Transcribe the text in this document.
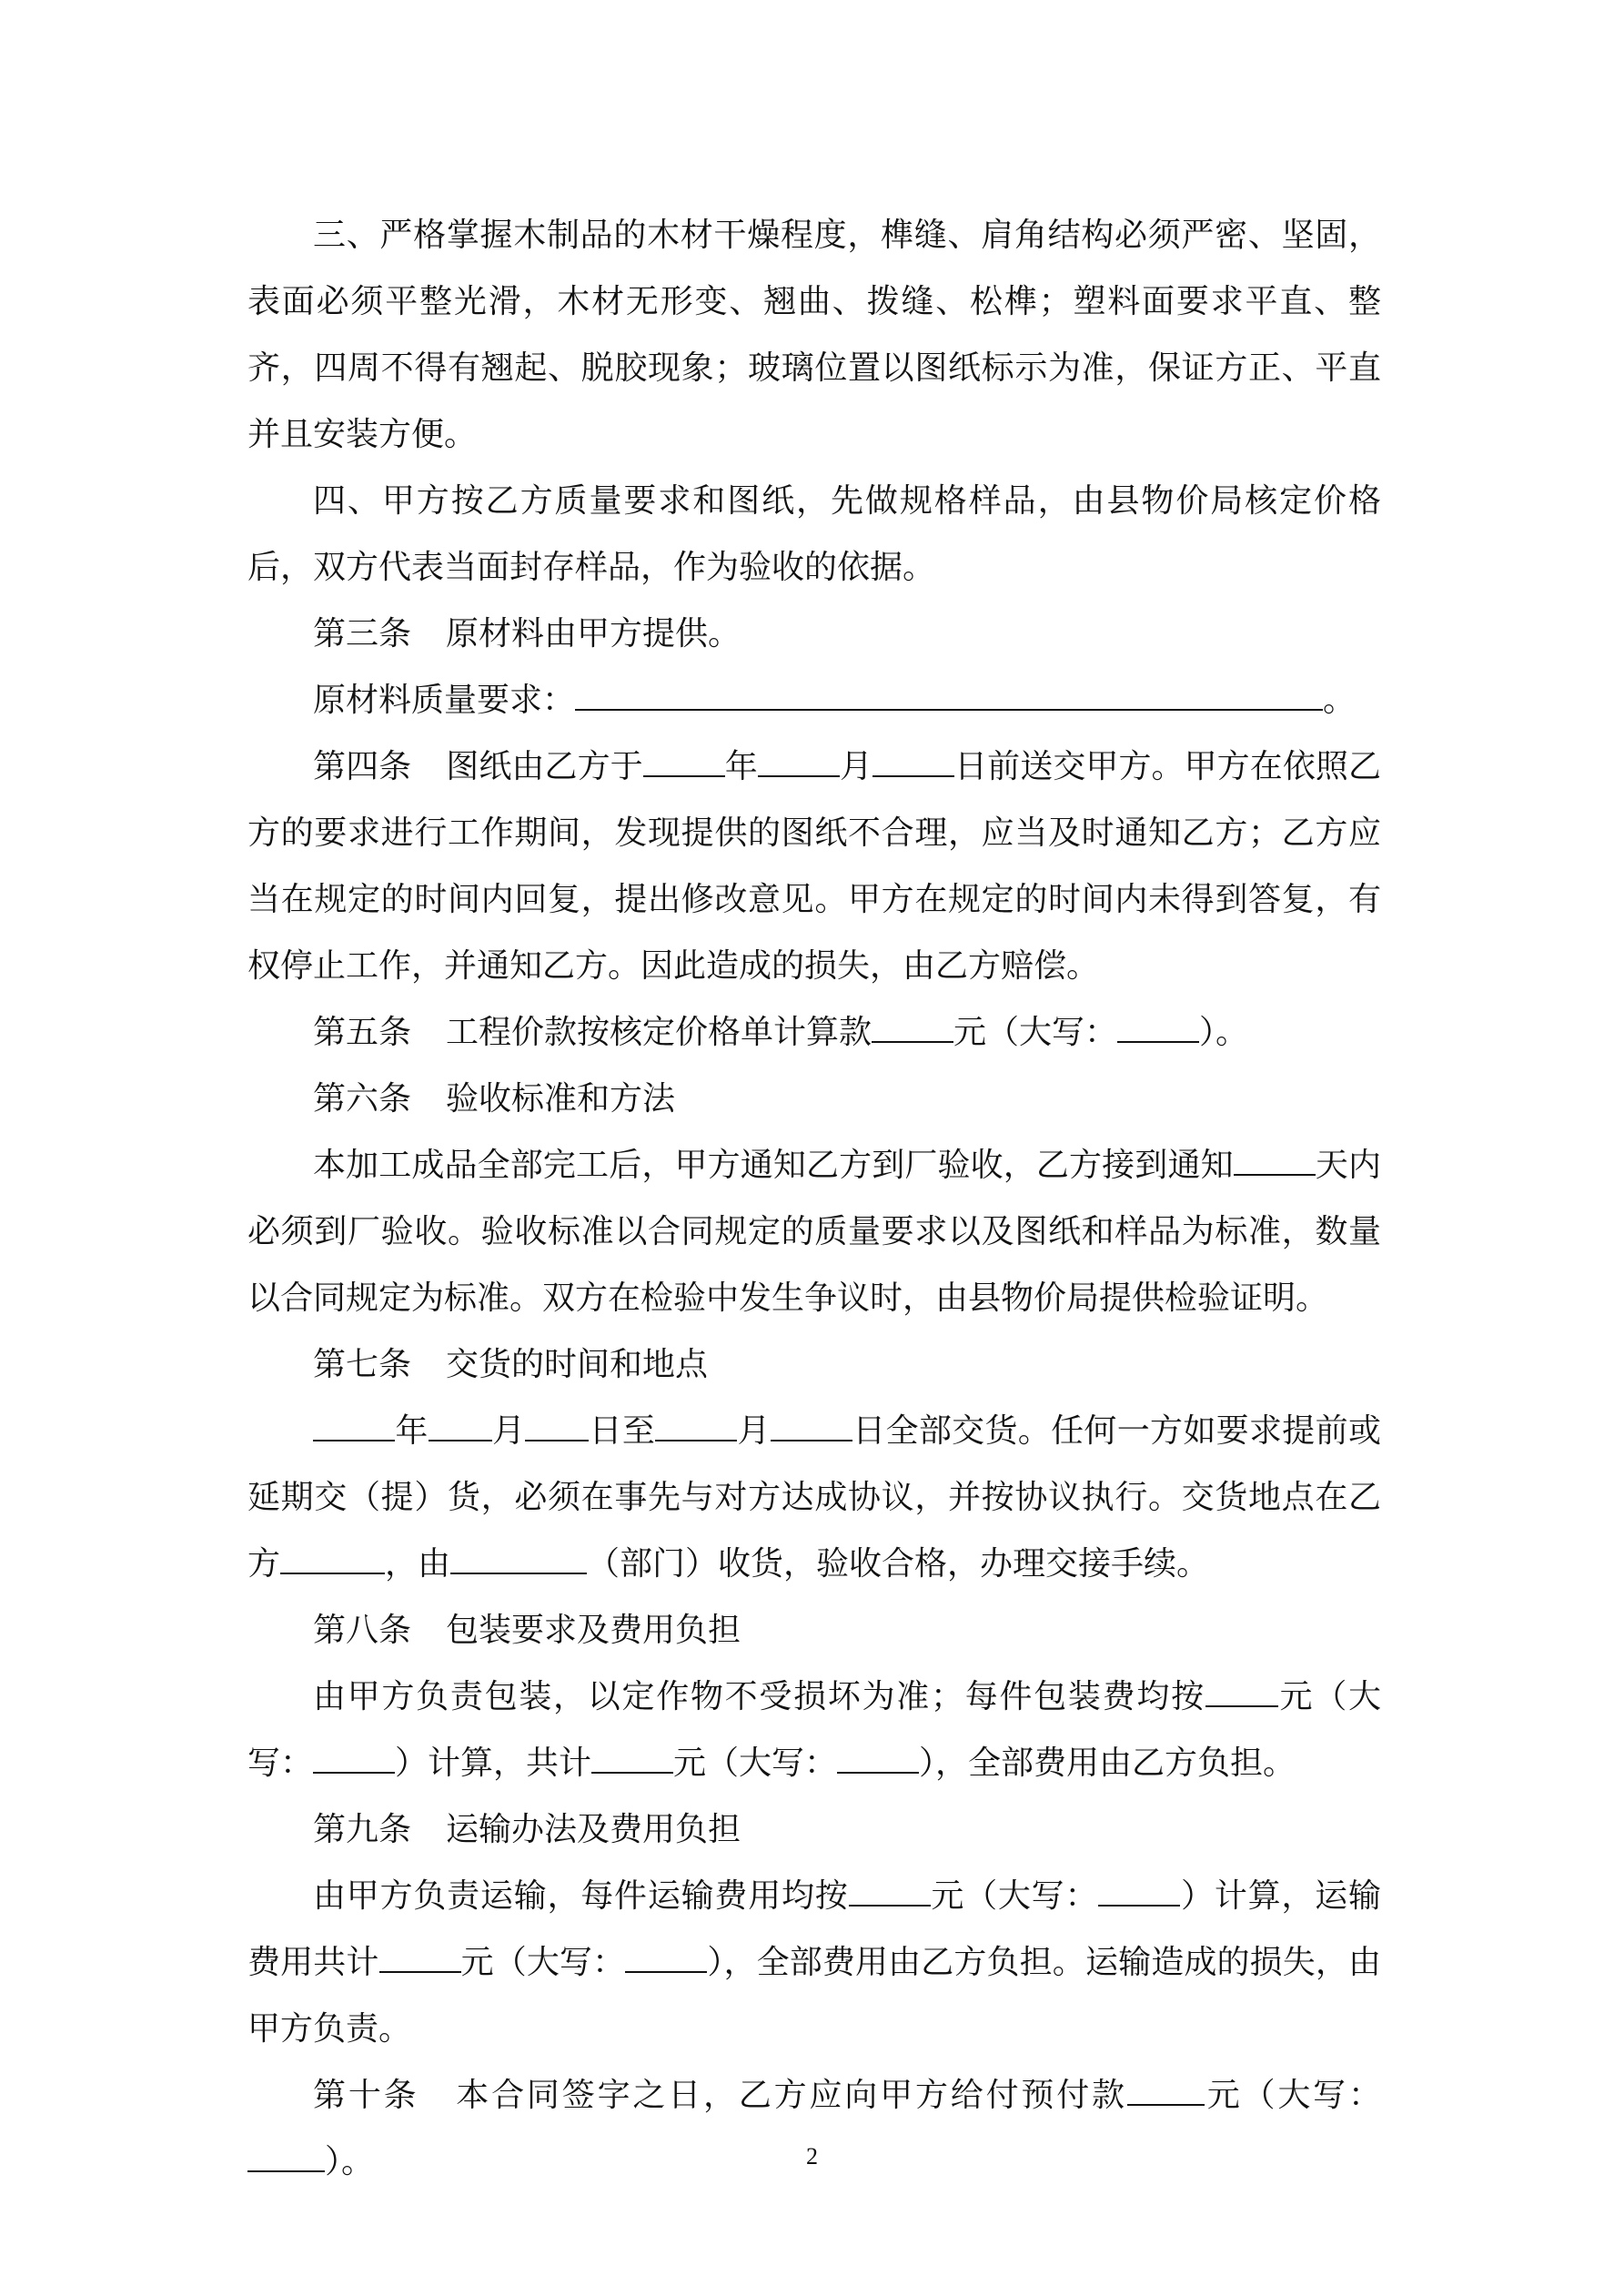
三、严格掌握木制品的木材干燥程度，榫缝、肩角结构必须严密、坚固，表面必须平整光滑，木材无形变、翘曲、拨缝、松榫；塑料面要求平直、整齐，四周不得有翘起、脱胶现象；玻璃位置以图纸标示为准，保证方正、平直并且安装方便。

四、甲方按乙方质量要求和图纸，先做规格样品，由县物价局核定价格后，双方代表当面封存样品，作为验收的依据。

第三条 原材料由甲方提供。

原材料质量要求：	。

第四条 图纸由乙方于	年	月	日前送交甲方。甲方在依照乙方的要求进行工作期间，发现提供的图纸不合理，应当及时通知乙方；乙方应当在规定的时间内回复，提出修改意见。甲方在规定的时间内未得到答复，有权停止工作，并通知乙方。因此造成的损失，由乙方赔偿。

第五条 工程价款按核定价格单计算款	元（大写：	）。

第六条 验收标准和方法

本加工成品全部完工后，甲方通知乙方到厂验收，乙方接到通知	天内必须到厂验收。验收标准以合同规定的质量要求以及图纸和样品为标准，数量以合同规定为标准。双方在检验中发生争议时，由县物价局提供检验证明。

第七条 交货的时间和地点

年 月 日至	月	日全部交货。任何一方如要求提前或延期交（提）货，必须在事先与对方达成协议，并按协议执行。交货地点在乙方	，由	（部门）收货，验收合格，办理交接手续。

第八条 包装要求及费用负担

由甲方负责包装，以定作物不受损坏为准；每件包装费均按 元（大写：	）计算，共计	元（大写：	），全部费用由乙方负担。

第九条 运输办法及费用负担

由甲方负责运输，每件运输费用均按	元（大写：	）计算，运输费用共计	元（大写：	），全部费用由乙方负担。运输造成的损失，由甲方负责。

第十条 本合同签字之日，乙方应向甲方给付预付款 元（大写：）。	2
